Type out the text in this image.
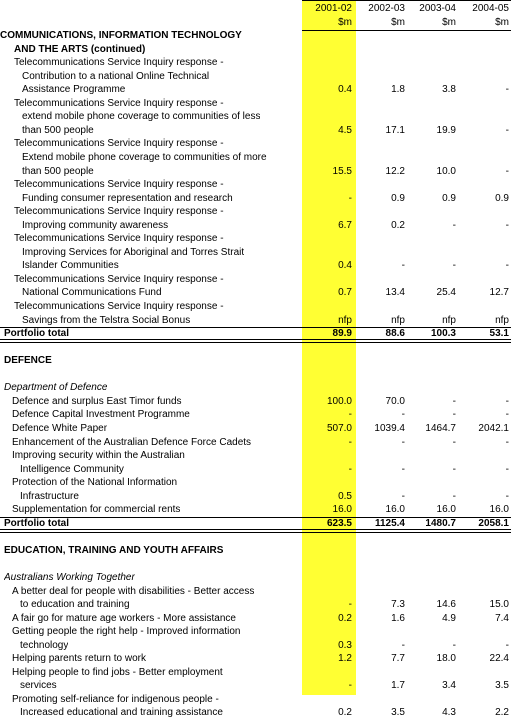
2001-02	2002-03	2003-04	2004-05
$m	$m	$m	$m
COMMUNICATIONS, INFORMATION TECHNOLOGY
AND THE ARTS (continued)
Telecommunications Service Inquiry response -
Contribution to a national Online Technical
Assistance Programme	0.4	1.8	3.8	-
Telecommunications Service Inquiry response -
extend mobile phone coverage to communities of less
than 500 people	4.5	17.1	19.9	-
Telecommunications Service Inquiry response -
Extend mobile phone coverage to communities of more
than 500 people	15.5	12.2	10.0	-
Telecommunications Service Inquiry response -
Funding consumer representation and research	-	0.9	0.9	0.9
Telecommunications Service Inquiry response -
Improving community awareness	6.7	0.2	-	-
Telecommunications Service Inquiry response -
Improving Services for Aboriginal and Torres Strait
Islander Communities	0.4	-	-	-
Telecommunications Service Inquiry response -
National Communications Fund	0.7	13.4	25.4	12.7
Telecommunications Service Inquiry response -
Savings from the Telstra Social Bonus	nfp	nfp	nfp	nfp
Portfolio total	89.9	88.6	100.3	53.1
DEFENCE
Department of Defence
Defence and surplus East Timor funds	100.0	70.0	-	-
Defence Capital Investment Programme	-	-	-	-
Defence White Paper	507.0	1039.4	1464.7	2042.1
Enhancement of the Australian Defence Force Cadets	-	-	-	-
Improving security within the Australian
Intelligence Community	-	-	-	-
Protection of the National Information
Infrastructure	0.5	-	-	-
Supplementation for commercial rents	16.0	16.0	16.0	16.0
Portfolio total	623.5	1125.4	1480.7	2058.1
EDUCATION, TRAINING AND YOUTH AFFAIRS
Australians Working Together
A better deal for people with disabilities - Better access
to education and training	-	7.3	14.6	15.0
A fair go for mature age workers - More assistance	0.2	1.6	4.9	7.4
Getting people the right help - Improved information
technology	0.3	-	-	-
Helping parents return to work	1.2	7.7	18.0	22.4
Helping people to find jobs - Better employment
services	-	1.7	3.4	3.5
Promoting self-reliance for indigenous people -
Increased educational and training assistance	0.2	3.5	4.3	2.2
